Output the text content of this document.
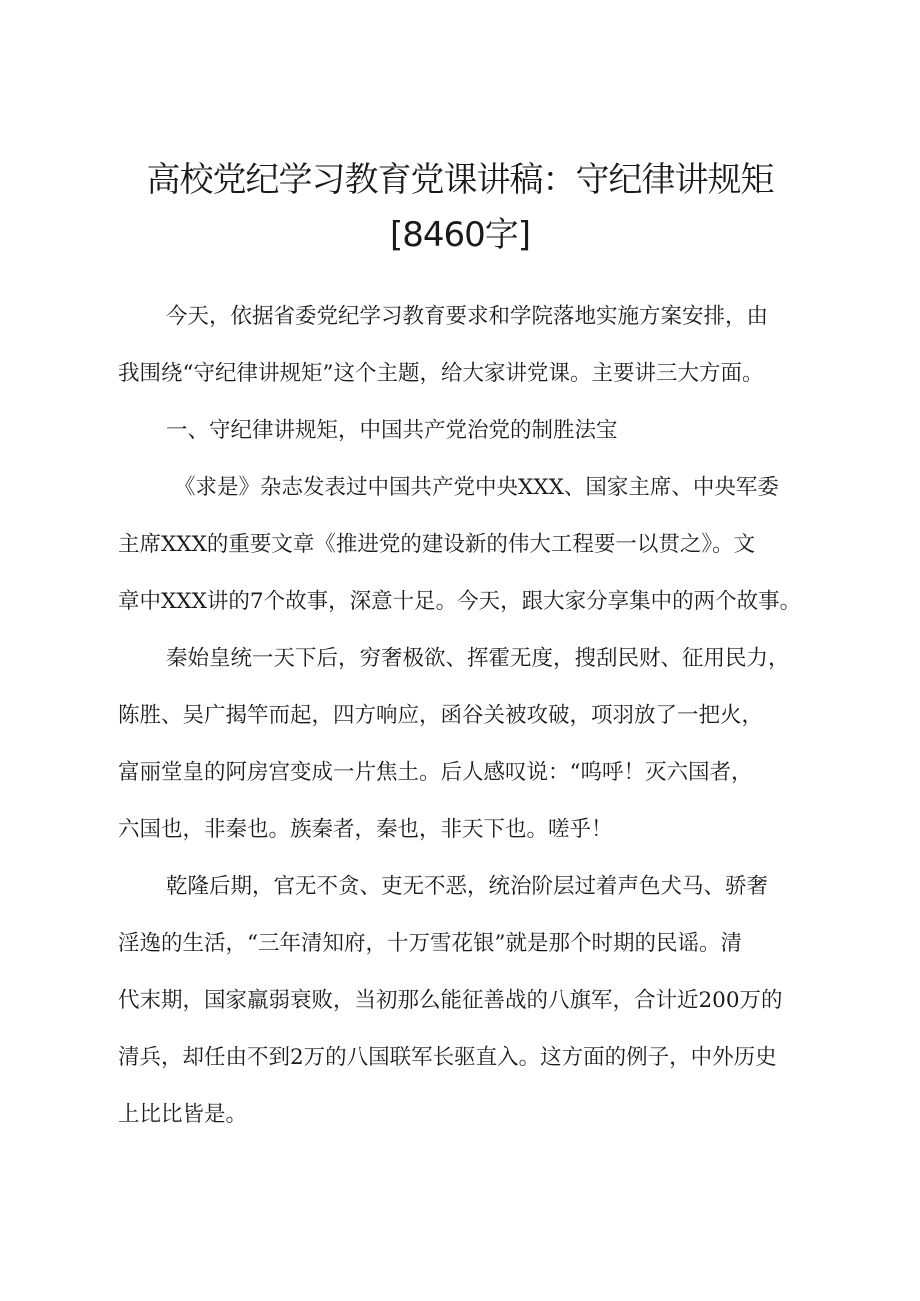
高校党纪学习教育党课讲稿：守纪律讲规矩
[8460字]

今天，依据省委党纪学习教育要求和学院落地实施方案安排，由
我围绕“守纪律讲规矩”这个主题，给大家讲党课。主要讲三大方面。

一、守纪律讲规矩，中国共产党治党的制胜法宝

《求是》杂志发表过中国共产党中央XXX、国家主席、中央军委
主席XXX的重要文章《推进党的建设新的伟大工程要一以贯之》。文
章中XXX讲的7个故事，深意十足。今天，跟大家分享集中的两个故事。

秦始皇统一天下后，穷奢极欲、挥霍无度，搜刮民财、征用民力，
陈胜、吴广揭竿而起，四方响应，函谷关被攻破，项羽放了一把火，
富丽堂皇的阿房宫变成一片焦土。后人感叹说：“呜呼！灭六国者，
六国也，非秦也。族秦者，秦也，非天下也。嗟乎！

乾隆后期，官无不贪、吏无不恶，统治阶层过着声色犬马、骄奢
淫逸的生活，“三年清知府，十万雪花银”就是那个时期的民谣。清
代末期，国家羸弱衰败，当初那么能征善战的八旗军，合计近200万的
清兵，却任由不到2万的八国联军长驱直入。这方面的例子，中外历史
上比比皆是。
